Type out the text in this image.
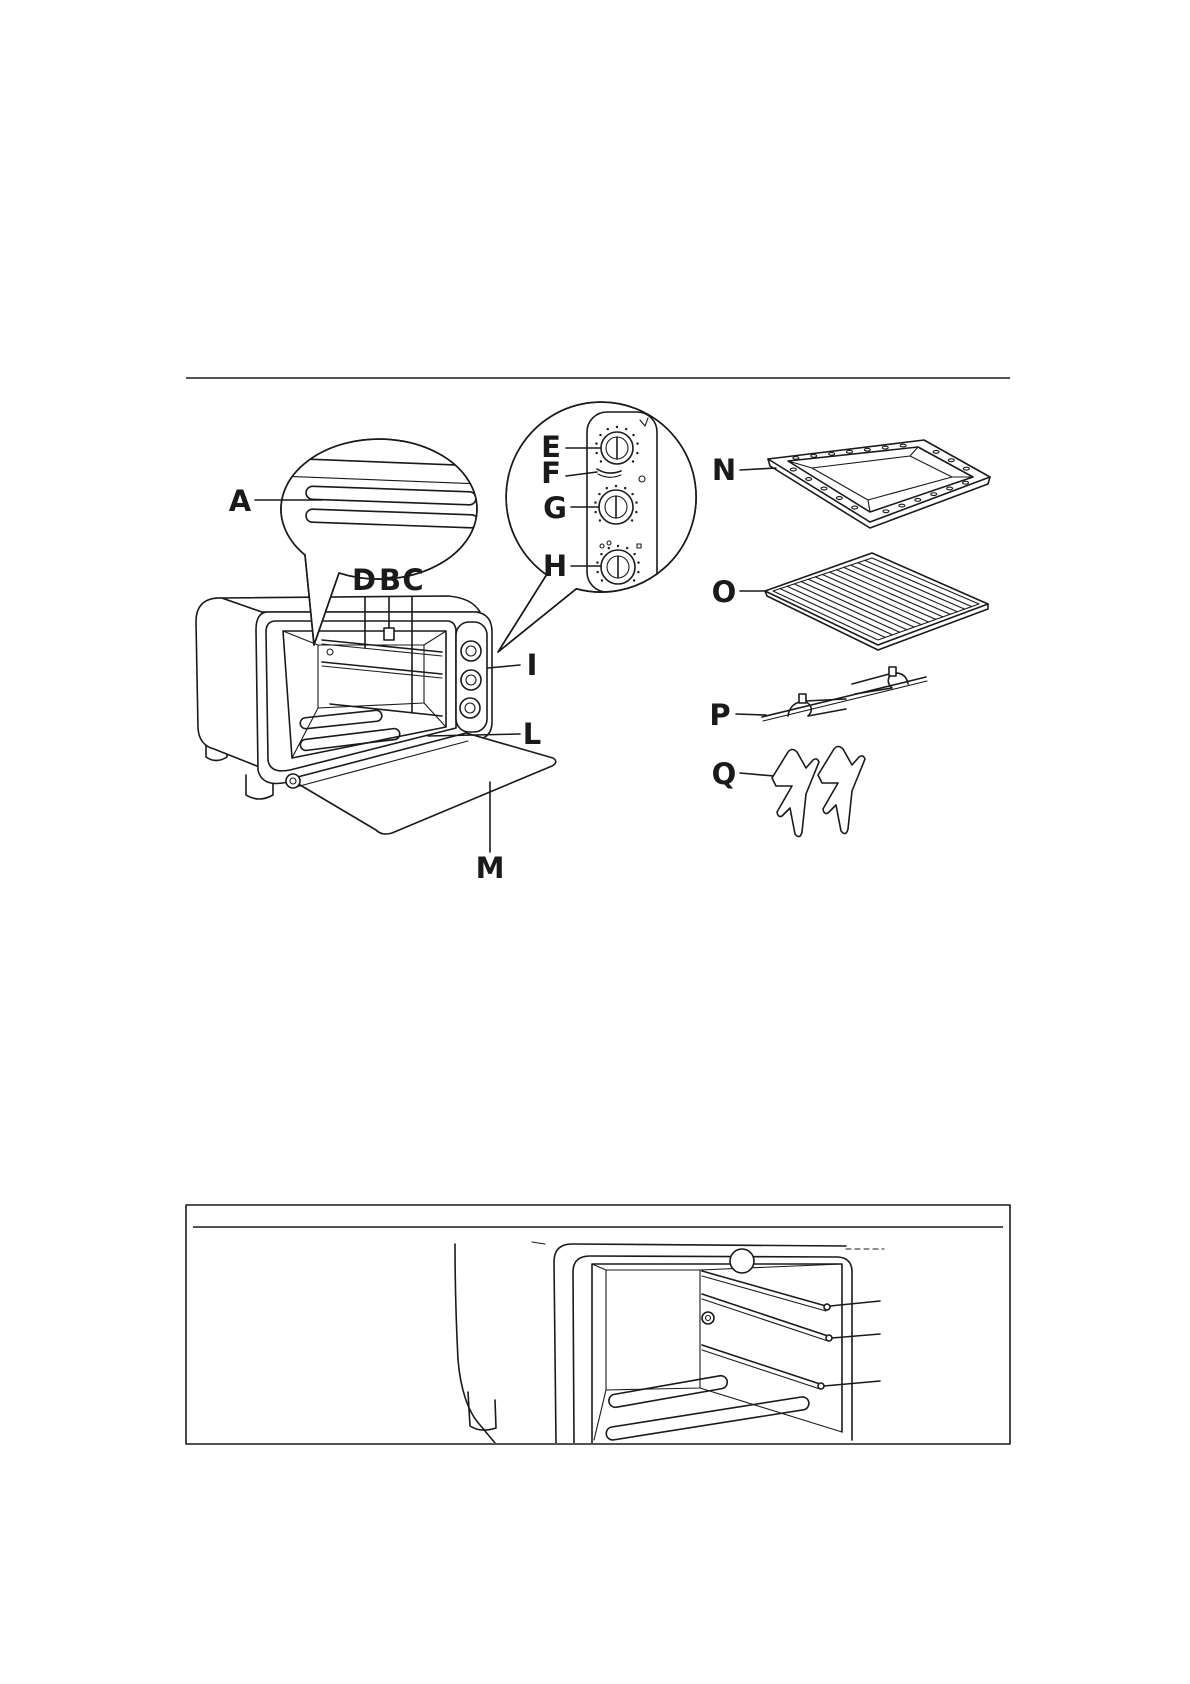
A
D B C
E
F
G
H
I
L
M
N
O
P
Q
